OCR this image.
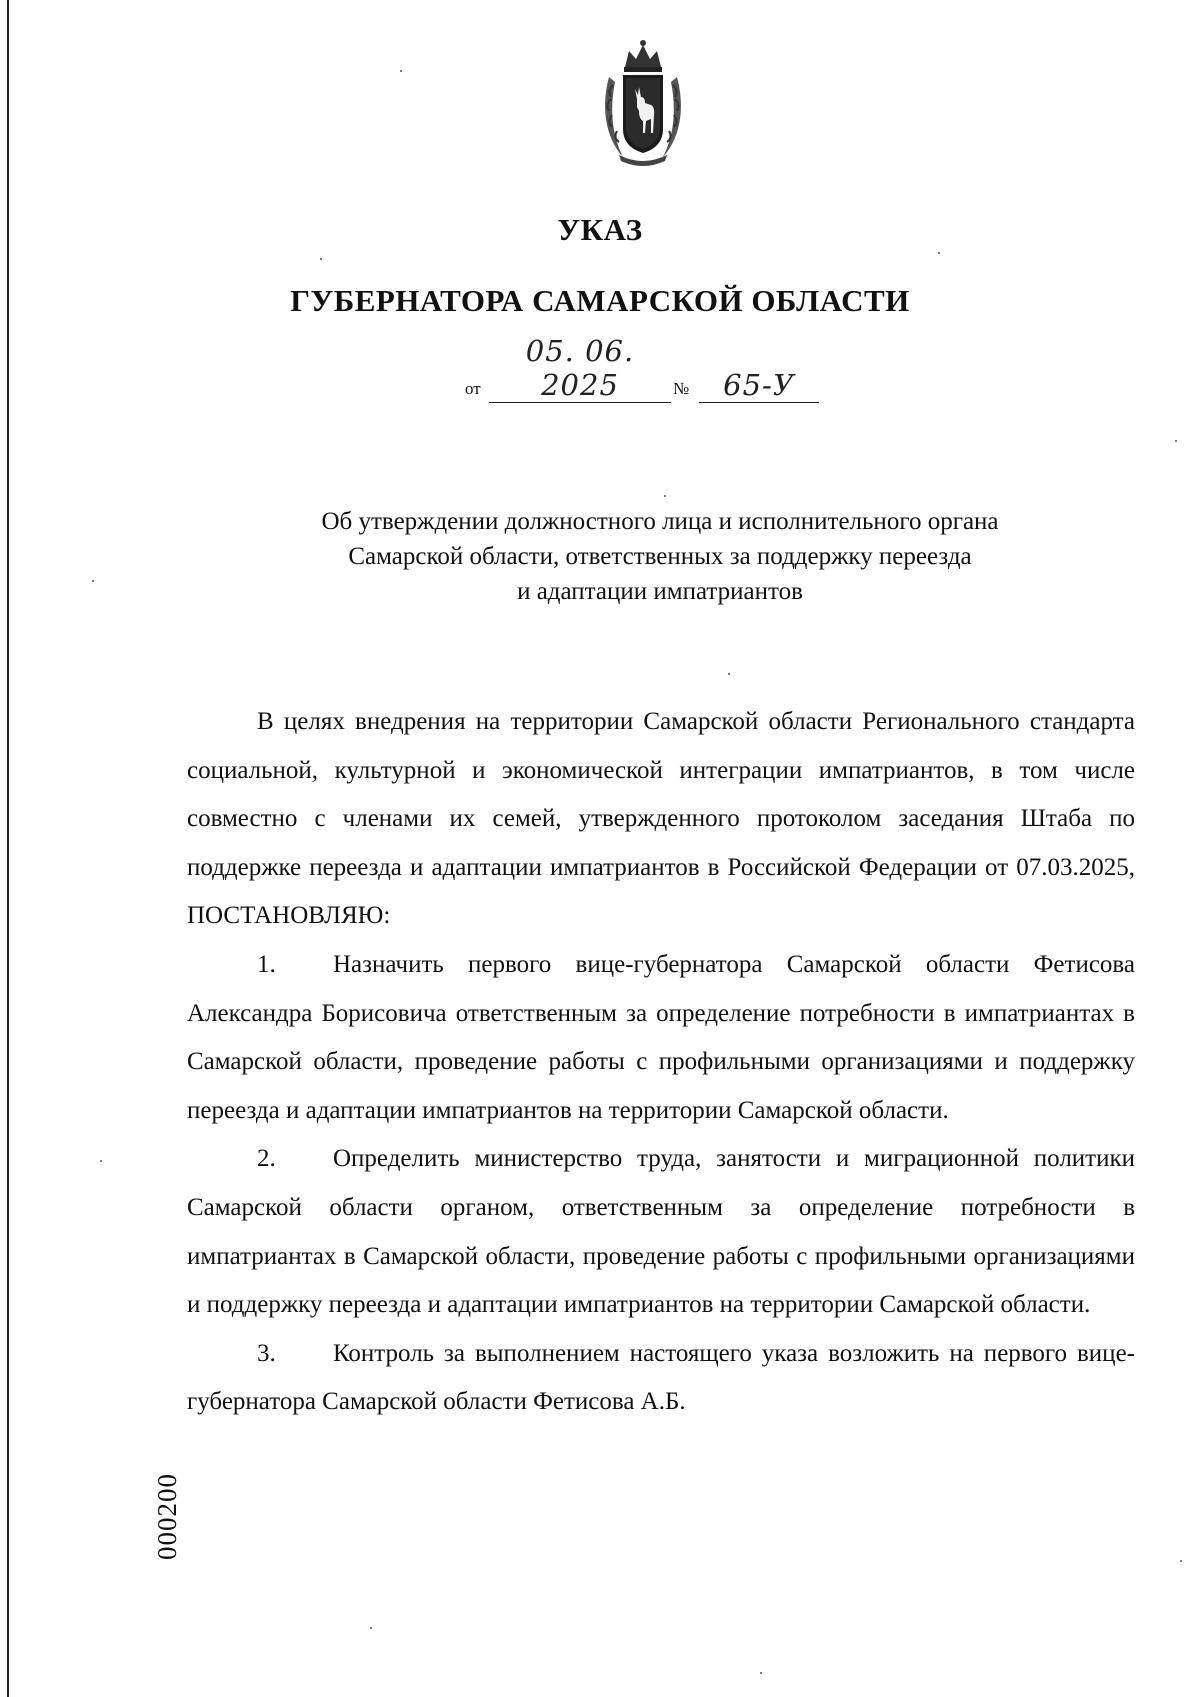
УКАЗ
ГУБЕРНАТОРА САМАРСКОЙ ОБЛАСТИ
от
05. 06. 2025	№	65-У
Об утверждении должностного лица и исполнительного органа
Самарской области, ответственных за поддержку переезда
и адаптации импатриантов

В целях внедрения на территории Самарской области Регионального стандарта социальной, культурной и экономической интеграции импатриантов, в том числе совместно с членами их семей, утвержденного протоколом заседания Штаба по поддержке переезда и адаптации импатриантов в Российской Федерации от 07.03.2025, ПОСТАНОВЛЯЮ:

1. Назначить первого вице-губернатора Самарской области Фетисова Александра Борисовича ответственным за определение потребности в импатриантах в Самарской области, проведение работы с профильными организациями и поддержку переезда и адаптации импатриантов на территории Самарской области.

2. Определить министерство труда, занятости и миграционной политики Самарской области органом, ответственным за определение потребности в импатриантах в Самарской области, проведение работы с профильными организациями и поддержку переезда и адаптации импатриантов на территории Самарской области.

3. Контроль за выполнением настоящего указа возложить на первого вице-губернатора Самарской области Фетисова А.Б.

000200
